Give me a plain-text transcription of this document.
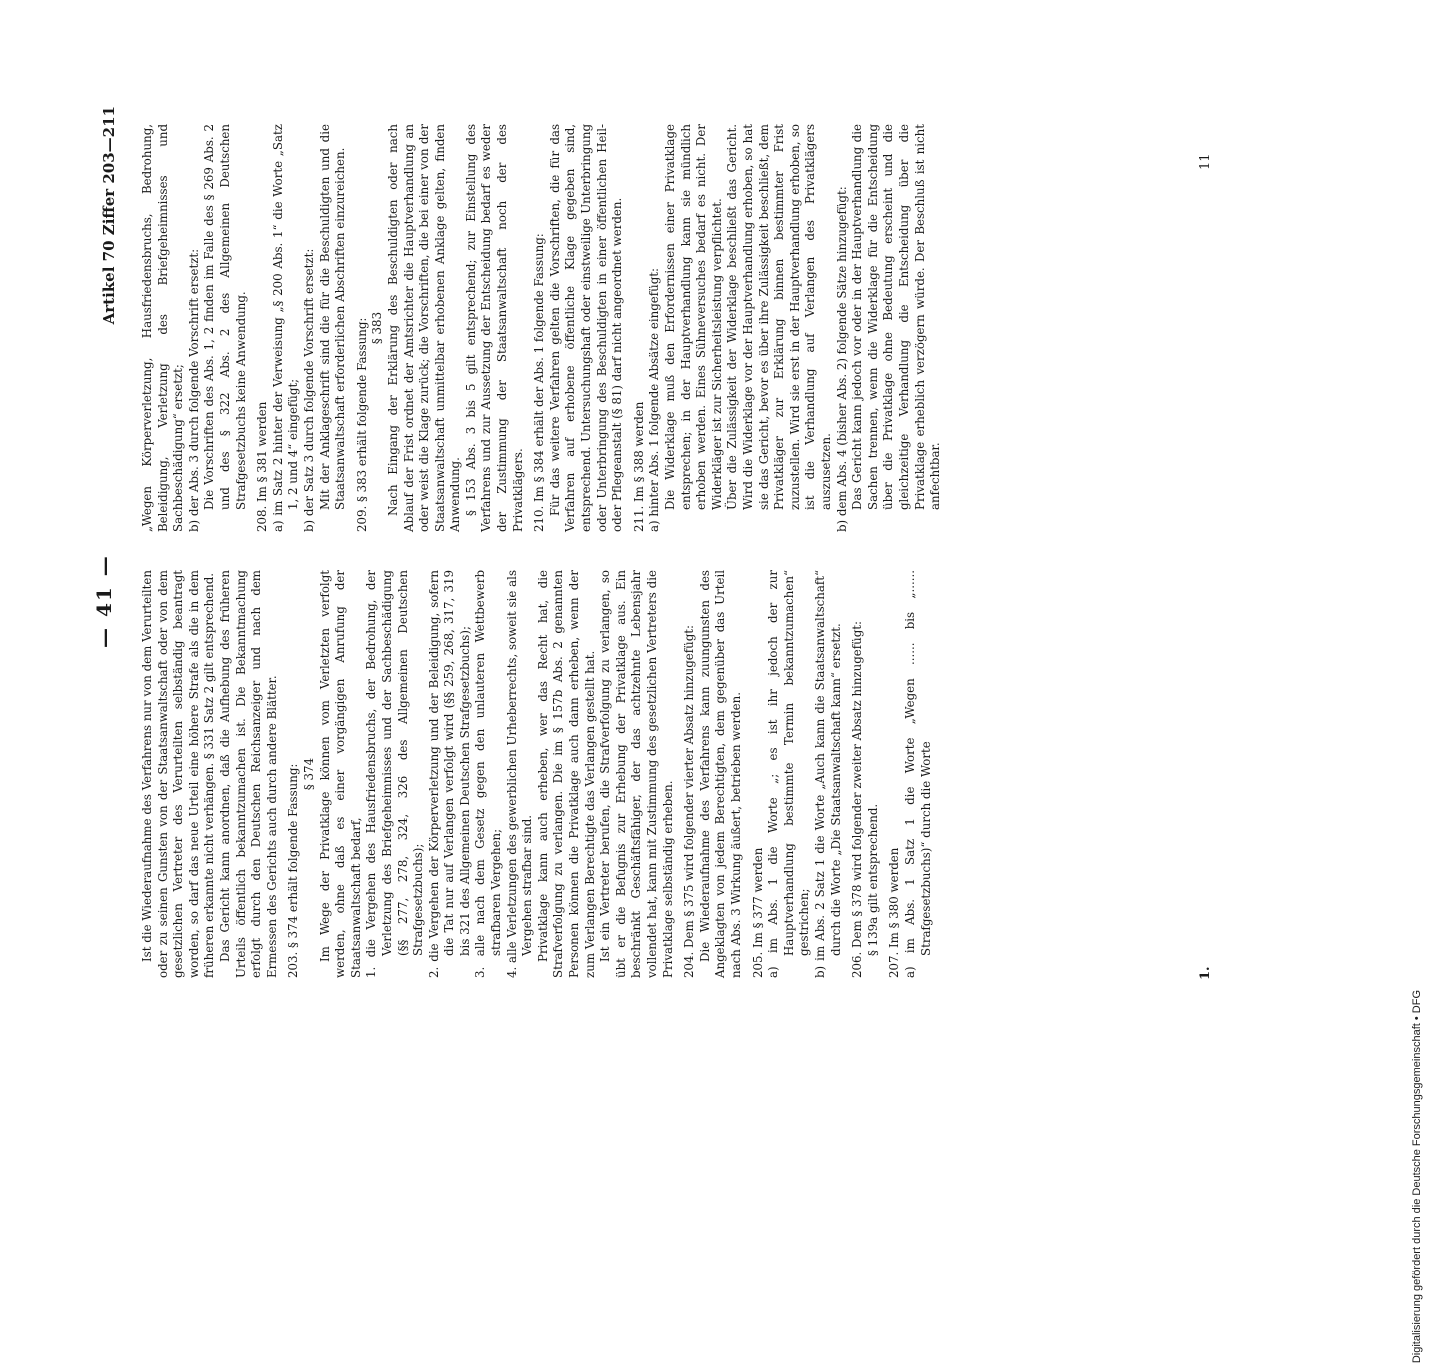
— 41 —
Artikel 70 Ziffer 203—211

Ist die Wiederaufnahme des Verfahrens nur von dem Verurteilten oder zu seinen Gunsten von der Staatsanwaltschaft oder von dem gesetzlichen Vertreter des Verurteilten selbständig beantragt worden, so darf das neue Urteil eine höhere Strafe als die in dem früheren erkannte nicht verhängen. § 331 Satz 2 gilt entsprechend. Das Gericht kann anordnen, daß die Aufhebung des früheren Urteils öffentlich bekanntzumachen ist. Die Bekanntmachung erfolgt durch den Deutschen Reichsanzeiger und nach dem Ermessen des Gerichts auch durch andere Blätter. 203. § 374 erhält folgende Fassung: § 374 Im Wege der Privatklage können vom Verletzten verfolgt werden, ohne daß es einer vorgängigen Anrufung der Staatsanwaltschaft bedarf, 1. die Vergehen des Hausfriedensbruchs, der Bedrohung, der Verletzung des Briefgeheimnisses und der Sachbeschädigung (§§ 277, 278, 324, 326 des Allgemeinen Deutschen Strafgesetzbuchs); 2. die Vergehen der Körperverletzung und der Beleidigung, sofern die Tat nur auf Verlangen verfolgt wird (§§ 259, 268, 317, 319 bis 321 des Allgemeinen Deutschen Strafgesetzbuchs); 3. alle nach dem Gesetz gegen den unlauteren Wettbewerb strafbaren Vergehen; 4. alle Verletzungen des gewerblichen Urheberrechts, soweit sie als Vergehen strafbar sind. Privatklage kann auch erheben, wer das Recht hat, die Strafverfolgung zu verlangen. Die im § 157b Abs. 2 genannten Personen können die Privatklage auch dann erheben, wenn der zum Verlangen Berechtigte das Verlangen gestellt hat. Ist ein Vertreter berufen, die Strafverfolgung zu verlangen, so übt er die Befugnis zur Erhebung der Privatklage aus. Ein beschränkt Geschäftsfähiger, der das achtzehnte Lebensjahr vollendet hat, kann mit Zustimmung des gesetzlichen Vertreters die Privatklage selbständig erheben. 204. Dem § 375 wird folgender vierter Absatz hinzugefügt: Die Wiederaufnahme des Verfahrens kann zuungunsten des Angeklagten von jedem Berechtigten, dem gegenüber das Urteil nach Abs. 3 Wirkung äußert, betrieben werden. 205. Im § 377 werden a) im Abs. 1 die Worte „; es ist ihr jedoch der zur Hauptverhandlung bestimmte Termin bekanntzumachen“ gestrichen; b) im Abs. 2 Satz 1 die Worte „Auch kann die Staatsanwaltschaft“ durch die Worte „Die Staatsanwaltschaft kann“ ersetzt. 206. Dem § 378 wird folgender zweiter Absatz hinzugefügt: § 139a gilt entsprechend. 207. Im § 380 werden a) im Abs. 1 Satz 1 die Worte „Wegen ...... bis „...... Strafgesetzbuchs)“ durch die Worte

„Wegen Körperverletzung, Hausfriedensbruchs, Bedrohung, Beleidigung, Verletzung des Briefgeheimnisses und Sachbeschädigung“ ersetzt; b) der Abs. 3 durch folgende Vorschrift ersetzt: Die Vorschriften des Abs. 1, 2 finden im Falle des § 269 Abs. 2 und des § 322 Abs. 2 des Allgemeinen Deutschen Strafgesetzbuchs keine Anwendung. 208. Im § 381 werden a) im Satz 2 hinter der Verweisung „§ 200 Abs. 1“ die Worte „Satz 1, 2 und 4“ eingefügt; b) der Satz 3 durch folgende Vorschrift ersetzt: Mit der Anklageschrift sind die für die Beschuldigten und die Staatsanwaltschaft erforderlichen Abschriften einzureichen. 209. § 383 erhält folgende Fassung: § 383 Nach Eingang der Erklärung des Beschuldigten oder nach Ablauf der Frist ordnet der Amtsrichter die Hauptverhandlung an oder weist die Klage zurück; die Vorschriften, die bei einer von der Staatsanwaltschaft unmittelbar erhobenen Anklage gelten, finden Anwendung. § 153 Abs. 3 bis 5 gilt entsprechend; zur Einstellung des Verfahrens und zur Aussetzung der Entscheidung bedarf es weder der Zustimmung der Staatsanwaltschaft noch der des Privatklägers. 210. Im § 384 erhält der Abs. 1 folgende Fassung: Für das weitere Verfahren gelten die Vorschriften, die für das Verfahren auf erhobene öffentliche Klage gegeben sind, entsprechend. Untersuchungshaft oder einstweilige Unterbringung oder Unterbringung des Beschuldigten in einer öffentlichen Heil- oder Pflegeanstalt (§ 81) darf nicht angeordnet werden. 211. Im § 388 werden a) hinter Abs. 1 folgende Absätze eingefügt: Die Widerklage muß den Erfordernissen einer Privatklage entsprechen; in der Hauptverhandlung kann sie mündlich erhoben werden. Eines Sühneversuches bedarf es nicht. Der Widerkläger ist zur Sicherheitsleistung verpflichtet. Über die Zulässigkeit der Widerklage beschließt das Gericht. Wird die Widerklage vor der Hauptverhandlung erhoben, so hat sie das Gericht, bevor es über ihre Zulässigkeit beschließt, dem Privatkläger zur Erklärung binnen bestimmter Frist zuzustellen. Wird sie erst in der Hauptverhandlung erhoben, so ist die Verhandlung auf Verlangen des Privatklägers auszusetzen. b) dem Abs. 4 (bisher Abs. 2) folgende Sätze hinzugefügt: Das Gericht kann jedoch vor oder in der Hauptverhandlung die Sachen trennen, wenn die Widerklage für die Entscheidung über die Privatklage ohne Bedeutung erscheint und die gleichzeitige Verhandlung die Entscheidung über die Privatklage erheblich verzögern würde. Der Beschluß ist nicht anfechtbar.

1.
11
Digitalisierung gefördert durch die Deutsche Forschungsgemeinschaft • DFG
